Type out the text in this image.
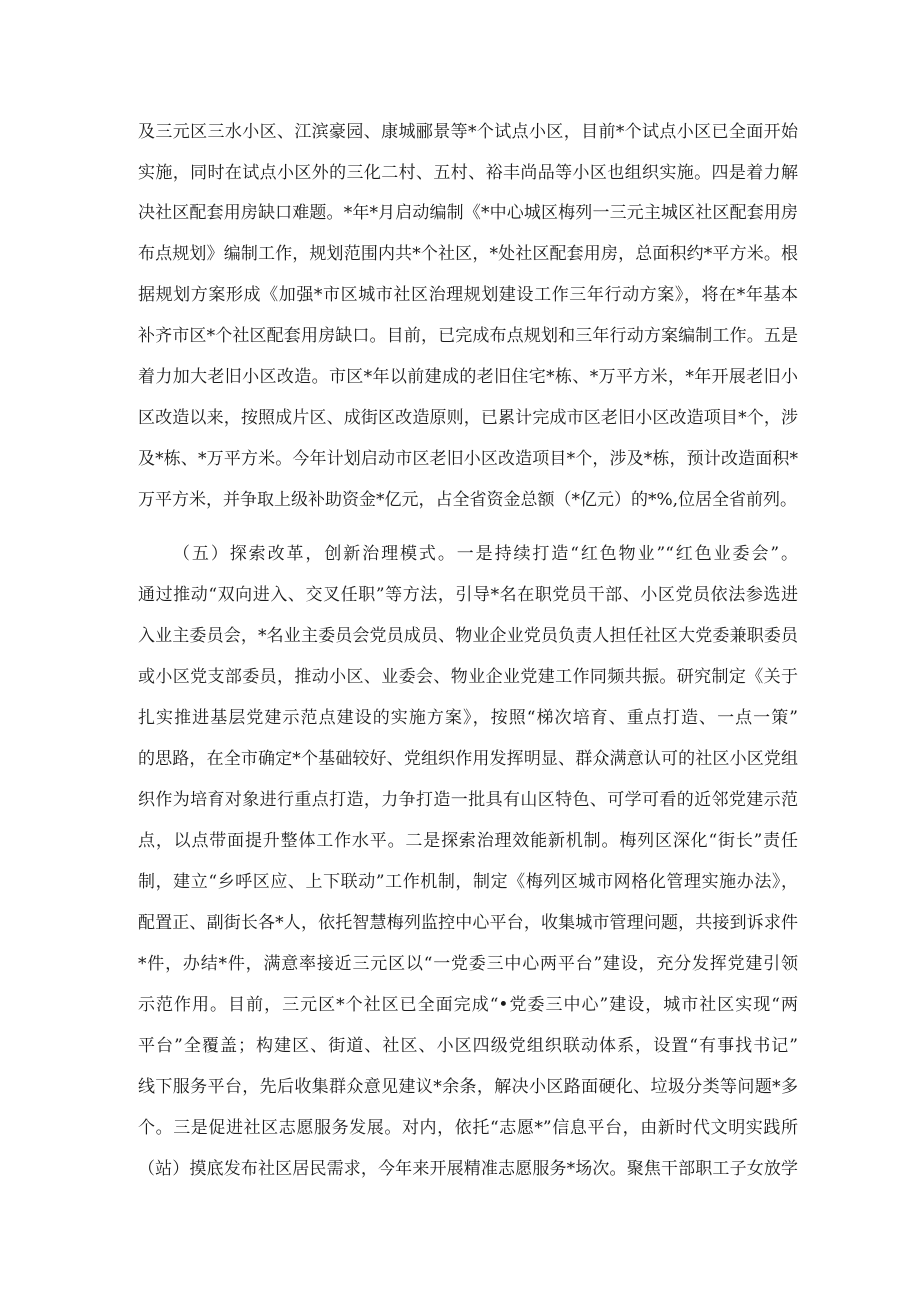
及三元区三水小区、江滨豪园、康城郦景等*个试点小区，目前*个试点小区已全面开始
实施，同时在试点小区外的三化二村、五村、裕丰尚品等小区也组织实施。四是着力解
决社区配套用房缺口难题。*年*月启动编制《*中心城区梅列一三元主城区社区配套用房
布点规划》编制工作，规划范围内共*个社区，*处社区配套用房，总面积约*平方米。根
据规划方案形成《加强*市区城市社区治理规划建设工作三年行动方案》，将在*年基本
补齐市区*个社区配套用房缺口。目前，已完成布点规划和三年行动方案编制工作。五是
着力加大老旧小区改造。市区*年以前建成的老旧住宅*栋、*万平方米，*年开展老旧小
区改造以来，按照成片区、成街区改造原则，已累计完成市区老旧小区改造项目*个，涉
及*栋、*万平方米。今年计划启动市区老旧小区改造项目*个，涉及*栋，预计改造面积*
万平方米，并争取上级补助资金*亿元，占全省资金总额（*亿元）的*%,位居全省前列。
（五）探索改革，创新治理模式。一是持续打造“红色物业”“红色业委会”。
通过推动“双向进入、交叉任职”等方法，引导*名在职党员干部、小区党员依法参选进
入业主委员会，*名业主委员会党员成员、物业企业党员负责人担任社区大党委兼职委员
或小区党支部委员，推动小区、业委会、物业企业党建工作同频共振。研究制定《关于
扎实推进基层党建示范点建设的实施方案》，按照“梯次培育、重点打造、一点一策”
的思路，在全市确定*个基础较好、党组织作用发挥明显、群众满意认可的社区小区党组
织作为培育对象进行重点打造，力争打造一批具有山区特色、可学可看的近邻党建示范
点，以点带面提升整体工作水平。二是探索治理效能新机制。梅列区深化“街长”责任
制，建立“乡呼区应、上下联动”工作机制，制定《梅列区城市网格化管理实施办法》，
配置正、副街长各*人，依托智慧梅列监控中心平台，收集城市管理问题，共接到诉求件
*件，办结*件，满意率接近三元区以“一党委三中心两平台”建设，充分发挥党建引领
示范作用。目前，三元区*个社区已全面完成“•党委三中心”建设，城市社区实现“两
平台”全覆盖；构建区、街道、社区、小区四级党组织联动体系，设置“有事找书记”
线下服务平台，先后收集群众意见建议*余条，解决小区路面硬化、垃圾分类等问题*多
个。三是促进社区志愿服务发展。对内，依托“志愿*”信息平台，由新时代文明实践所
（站）摸底发布社区居民需求，今年来开展精准志愿服务*场次。聚焦干部职工子女放学
